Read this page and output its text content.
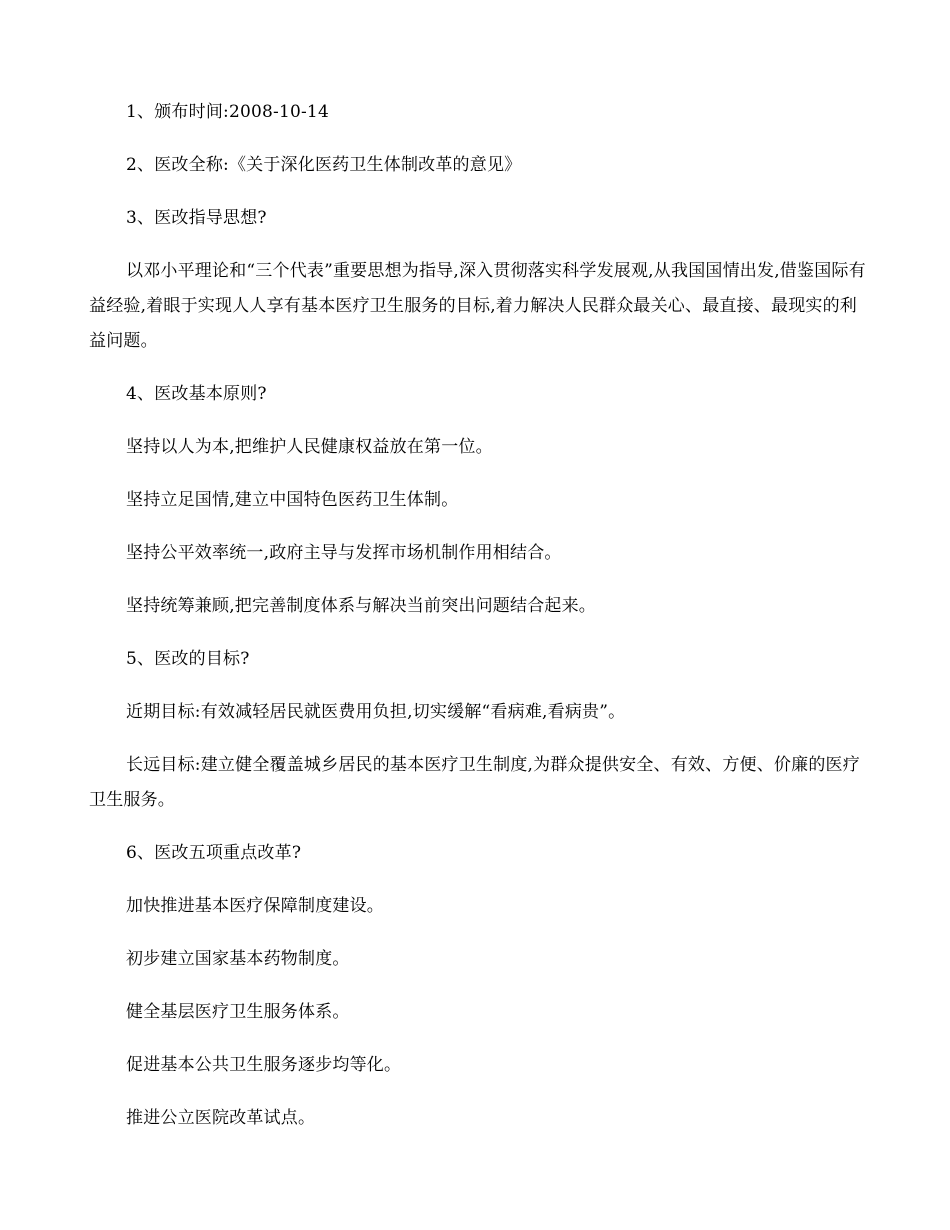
1、颁布时间:2008-10-14

2、医改全称:《关于深化医药卫生体制改革的意见》

3、医改指导思想?

以邓小平理论和“三个代表”重要思想为指导,深入贯彻落实科学发展观,从我国国情出发,借鉴国际有益经验,着眼于实现人人享有基本医疗卫生服务的目标,着力解决人民群众最关心、最直接、最现实的利益问题。

4、医改基本原则?

坚持以人为本,把维护人民健康权益放在第一位。

坚持立足国情,建立中国特色医药卫生体制。

坚持公平效率统一,政府主导与发挥市场机制作用相结合。

坚持统筹兼顾,把完善制度体系与解决当前突出问题结合起来。

5、医改的目标?

近期目标:有效减轻居民就医费用负担,切实缓解“看病难,看病贵”。

长远目标:建立健全覆盖城乡居民的基本医疗卫生制度,为群众提供安全、有效、方便、价廉的医疗卫生服务。

6、医改五项重点改革?

加快推进基本医疗保障制度建设。

初步建立国家基本药物制度。

健全基层医疗卫生服务体系。

促进基本公共卫生服务逐步均等化。

推进公立医院改革试点。
